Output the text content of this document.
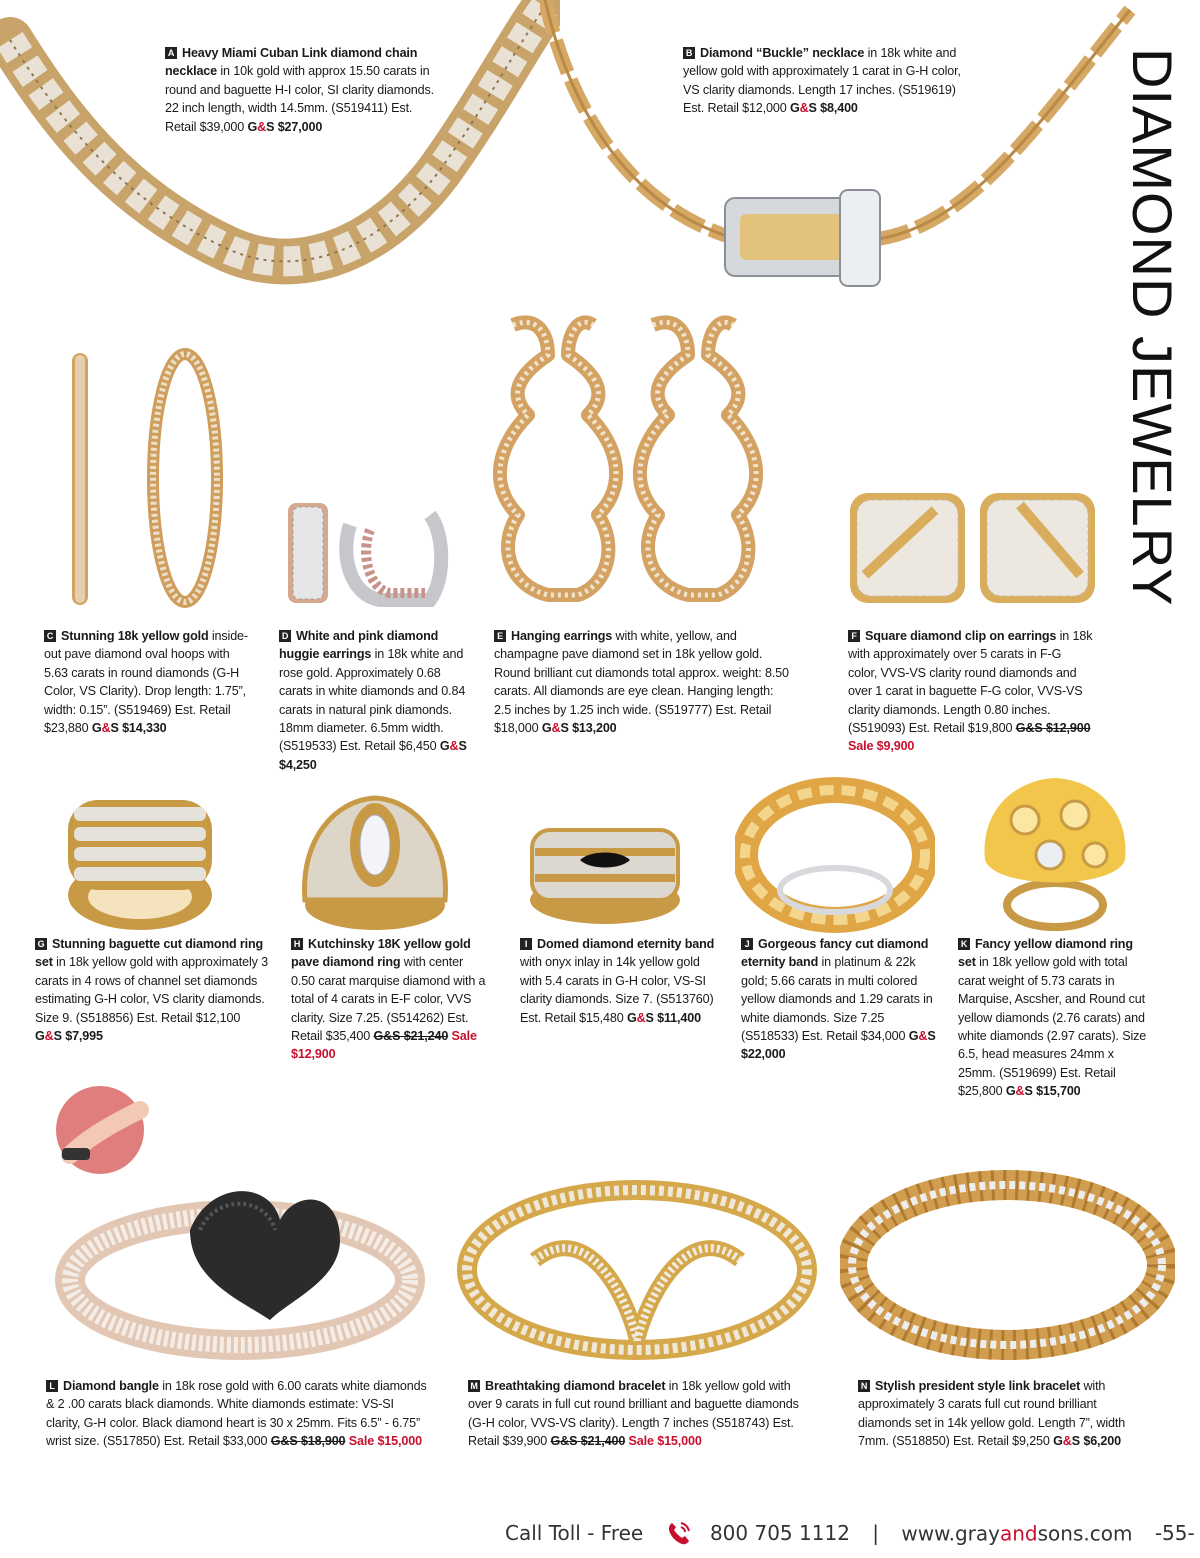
DIAMOND JEWELRY
A Heavy Miami Cuban Link diamond chain necklace in 10k gold with approx 15.50 carats in round and baguette H-I color, SI clarity diamonds. 22 inch length, width 14.5mm. (S519411) Est. Retail $39,000 G&S $27,000
B Diamond “Buckle” necklace in 18k white and yellow gold with approximately 1 carat in G-H color, VS clarity diamonds. Length 17 inches. (S519619) Est. Retail $12,000 G&S $8,400
C Stunning 18k yellow gold inside-out pave diamond oval hoops with 5.63 carats in round diamonds (G-H Color, VS Clarity). Drop length: 1.75”, width: 0.15”. (S519469) Est. Retail $23,880 G&S $14,330
D White and pink diamond huggie earrings in 18k white and rose gold. Approximately 0.68 carats in white diamonds and 0.84 carats in natural pink diamonds. 18mm diameter. 6.5mm width. (S519533) Est. Retail $6,450 G&S $4,250
E Hanging earrings with white, yellow, and champagne pave diamond set in 18k yellow gold. Round brilliant cut diamonds total approx. weight: 8.50 carats. All diamonds are eye clean. Hanging length: 2.5 inches by 1.25 inch wide. (S519777) Est. Retail $18,000 G&S $13,200
F Square diamond clip on earrings in 18k with approximately over 5 carats in F-G color, VVS-VS clarity round diamonds and over 1 carat in baguette F-G color, VVS-VS clarity diamonds. Length 0.80 inches. (S519093) Est. Retail $19,800 G&S $12,900 Sale $9,900
G Stunning baguette cut diamond ring set in 18k yellow gold with approximately 3 carats in 4 rows of channel set diamonds estimating G-H color, VS clarity diamonds. Size 9. (S518856) Est. Retail $12,100 G&S $7,995
H Kutchinsky 18K yellow gold pave diamond ring with center 0.50 carat marquise diamond with a total of 4 carats in E-F color, VVS clarity. Size 7.25. (S514262) Est. Retail $35,400 G&S $21,240 Sale $12,900
I Domed diamond eternity band with onyx inlay in 14k yellow gold with 5.4 carats in G-H color, VS-SI clarity diamonds. Size 7. (S513760) Est. Retail $15,480 G&S $11,400
J Gorgeous fancy cut diamond eternity band in platinum & 22k gold; 5.66 carats in multi colored yellow diamonds and 1.29 carats in white diamonds. Size 7.25 (S518533) Est. Retail $34,000 G&S $22,000
K Fancy yellow diamond ring set in 18k yellow gold with total carat weight of 5.73 carats in Marquise, Ascsher, and Round cut yellow diamonds (2.76 carats) and white diamonds (2.97 carats). Size 6.5, head measures 24mm x 25mm. (S519699) Est. Retail $25,800 G&S $15,700
L Diamond bangle in 18k rose gold with 6.00 carats white diamonds & 2 .00 carats black diamonds. White diamonds estimate: VS-SI clarity, G-H color. Black diamond heart is 30 x 25mm. Fits 6.5” - 6.75” wrist size. (S517850) Est. Retail $33,000 G&S $18,900 Sale $15,000
M Breathtaking diamond bracelet in 18k yellow gold with over 9 carats in full cut round brilliant and baguette diamonds (G-H color, VVS-VS clarity). Length 7 inches (S518743) Est. Retail $39,900 G&S $21,400 Sale $15,000
N Stylish president style link bracelet with approximately 3 carats full cut round brilliant diamonds set in 14k yellow gold. Length 7”, width 7mm. (S518850) Est. Retail $9,250 G&S $6,200
Call Toll - Free	800 705 1112 | www.grayandsons.com -55-
